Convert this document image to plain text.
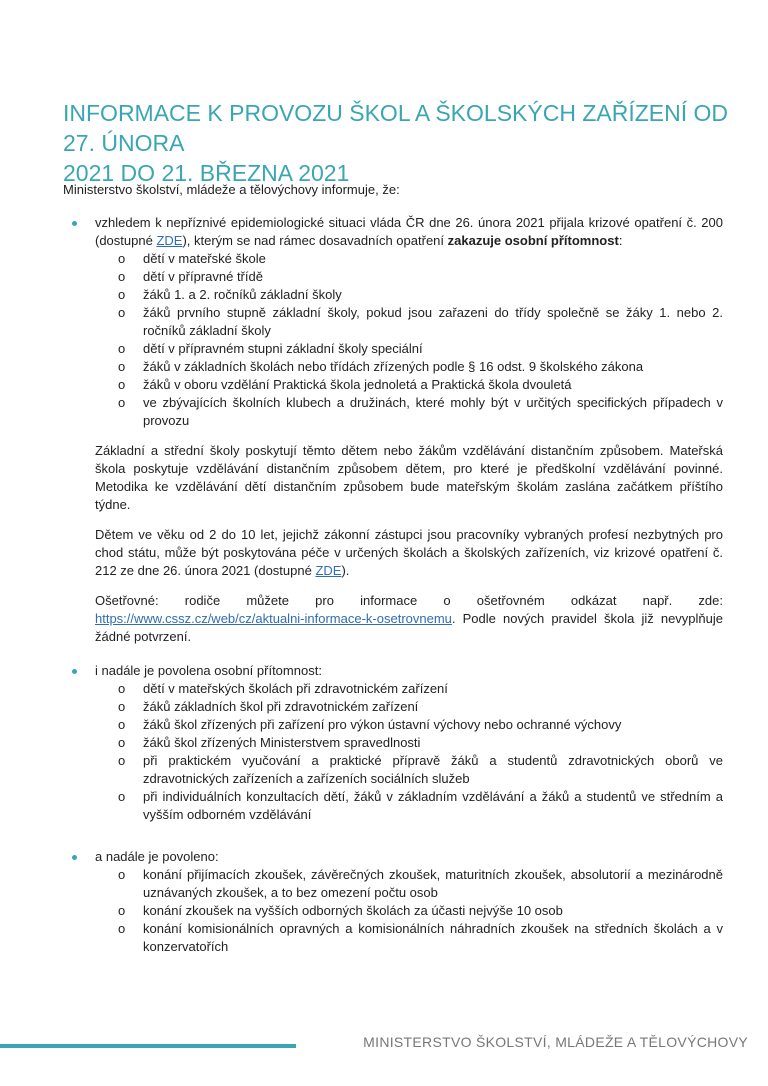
INFORMACE K PROVOZU ŠKOL A ŠKOLSKÝCH ZAŘÍZENÍ OD 27. ÚNORA
2021 DO 21. BŘEZNA 2021
Ministerstvo školství, mládeže a tělovýchovy informuje, že:

vzhledem k nepříznivé epidemiologické situaci vláda ČR dne 26. února 2021 přijala krizové opatření č. 200 (dostupné ZDE), kterým se nad rámec dosavadních opatření zakazuje osobní přítomnost:

o dětí v mateřské škole
o dětí v přípravné třídě
o žáků 1. a 2. ročníků základní školy
o žáků prvního stupně základní školy, pokud jsou zařazeni do třídy společně se žáky 1. nebo 2. ročníků základní školy
o dětí v přípravném stupni základní školy speciální
o žáků v základních školách nebo třídách zřízených podle § 16 odst. 9 školského zákona
o žáků v oboru vzdělání Praktická škola jednoletá a Praktická škola dvouletá
o ve zbývajících školních klubech a družinách, které mohly být v určitých specifických případech v provozu

Základní a střední školy poskytují těmto dětem nebo žákům vzdělávání distančním způsobem. Mateřská škola poskytuje vzdělávání distančním způsobem dětem, pro které je předškolní vzdělávání povinné. Metodika ke vzdělávání dětí distančním způsobem bude mateřským školám zaslána začátkem příštího týdne.

Dětem ve věku od 2 do 10 let, jejichž zákonní zástupci jsou pracovníky vybraných profesí nezbytných pro chod státu, může být poskytována péče v určených školách a školských zařízeních, viz krizové opatření č. 212 ze dne 26. února 2021 (dostupné ZDE).

Ošetřovné: rodiče můžete pro informace o ošetřovném odkázat např. zde: https://www.cssz.cz/web/cz/aktualni-informace-k-osetrovnemu. Podle nových pravidel škola již nevyplňuje žádné potvrzení.

i nadále je povolena osobní přítomnost:

o dětí v mateřských školách při zdravotnickém zařízení
o žáků základních škol při zdravotnickém zařízení
o žáků škol zřízených při zařízení pro výkon ústavní výchovy nebo ochranné výchovy
o žáků škol zřízených Ministerstvem spravedlnosti
o při praktickém vyučování a praktické přípravě žáků a studentů zdravotnických oborů ve zdravotnických zařízeních a zařízeních sociálních služeb
o při individuálních konzultacích dětí, žáků v základním vzdělávání a žáků a studentů ve středním a vyšším odborném vzdělávání

a nadále je povoleno:

o konání přijímacích zkoušek, závěrečných zkoušek, maturitních zkoušek, absolutorií a mezinárodně uznávaných zkoušek, a to bez omezení počtu osob
o konání zkoušek na vyšších odborných školách za účasti nejvýše 10 osob
o konání komisionálních opravných a komisionálních náhradních zkoušek na středních školách a v konzervatořích
MINISTERSTVO ŠKOLSTVÍ, MLÁDEŽE A TĚLOVÝCHOVY
